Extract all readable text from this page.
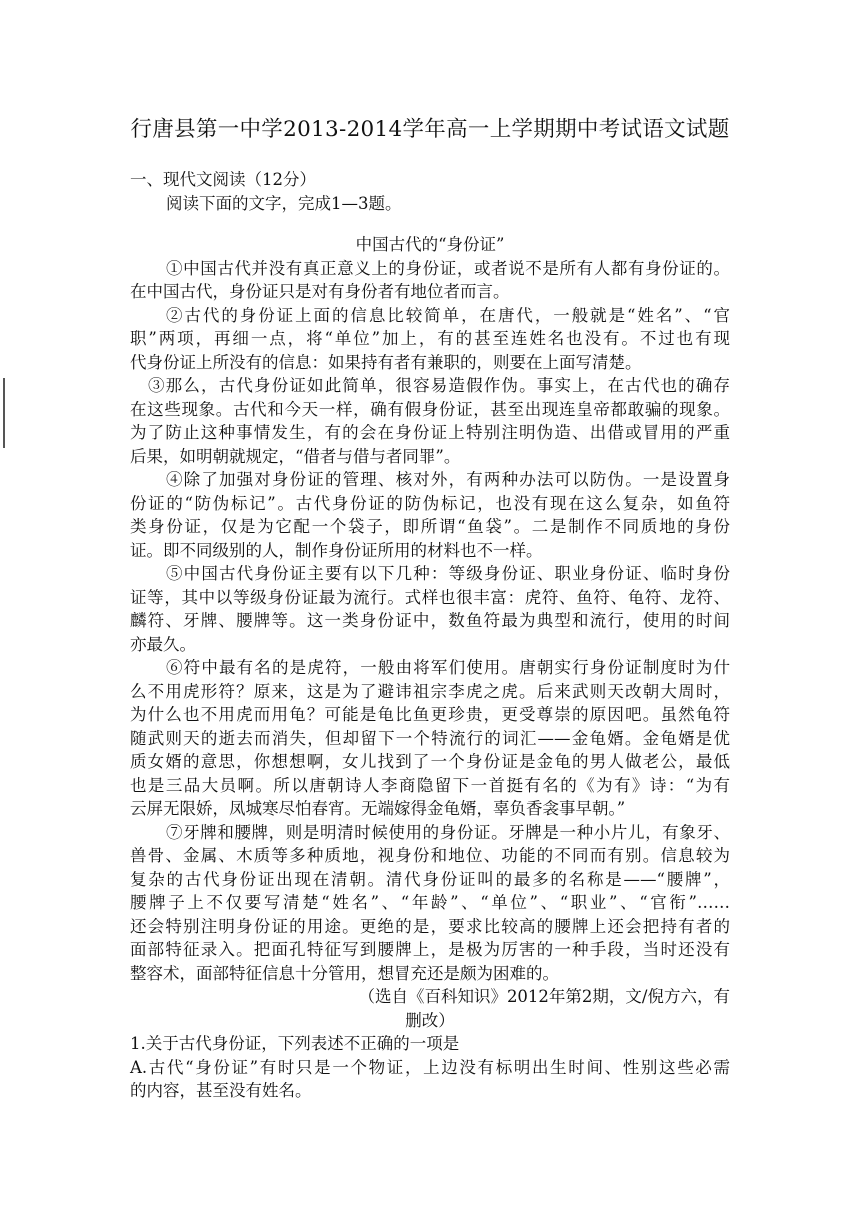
行唐县第一中学2013-2014学年高一上学期期中考试语文试题
一、现代文阅读（12分）
阅读下面的文字，完成1—3题。
中国古代的“身份证”
①中国古代并没有真正意义上的身份证，或者说不是所有人都有身份证的。
在中国古代，身份证只是对有身份者有地位者而言。
②古代的身份证上面的信息比较简单，在唐代，一般就是“姓名”、“官
职”两项，再细一点，将“单位”加上，有的甚至连姓名也没有。不过也有现
代身份证上所没有的信息：如果持有者有兼职的，则要在上面写清楚。
③那么，古代身份证如此简单，很容易造假作伪。事实上，在古代也的确存
在这些现象。古代和今天一样，确有假身份证，甚至出现连皇帝都敢骗的现象。
为了防止这种事情发生，有的会在身份证上特别注明伪造、出借或冒用的严重
后果，如明朝就规定，“借者与借与者同罪”。
④除了加强对身份证的管理、核对外，有两种办法可以防伪。一是设置身
份证的“防伪标记”。古代身份证的防伪标记，也没有现在这么复杂，如鱼符
类身份证，仅是为它配一个袋子，即所谓“鱼袋”。二是制作不同质地的身份
证。即不同级别的人，制作身份证所用的材料也不一样。
⑤中国古代身份证主要有以下几种：等级身份证、职业身份证、临时身份
证等，其中以等级身份证最为流行。式样也很丰富：虎符、鱼符、龟符、龙符、
麟符、牙牌、腰牌等。这一类身份证中，数鱼符最为典型和流行，使用的时间
亦最久。
⑥符中最有名的是虎符，一般由将军们使用。唐朝实行身份证制度时为什
么不用虎形符？原来，这是为了避讳祖宗李虎之虎。后来武则天改朝大周时，
为什么也不用虎而用龟？可能是龟比鱼更珍贵，更受尊崇的原因吧。虽然龟符
随武则天的逝去而消失，但却留下一个特流行的词汇——金龟婿。金龟婿是优
质女婿的意思，你想想啊，女儿找到了一个身份证是金龟的男人做老公，最低
也是三品大员啊。所以唐朝诗人李商隐留下一首挺有名的《为有》诗：“为有
云屏无限娇，凤城寒尽怕春宵。无端嫁得金龟婿，辜负香衾事早朝。”
⑦牙牌和腰牌，则是明清时候使用的身份证。牙牌是一种小片儿，有象牙、
兽骨、金属、木质等多种质地，视身份和地位、功能的不同而有别。信息较为
复杂的古代身份证出现在清朝。清代身份证叫的最多的名称是——“腰牌”，
腰牌子上不仅要写清楚“姓名”、“年龄”、“单位”、“职业”、“官衔”……
还会特别注明身份证的用途。更绝的是，要求比较高的腰牌上还会把持有者的
面部特征录入。把面孔特征写到腰牌上，是极为厉害的一种手段，当时还没有
整容术，面部特征信息十分管用，想冒充还是颇为困难的。
（选自《百科知识》2012年第2期，文/倪方六，有
删改）
1.关于古代身份证，下列表述不正确的一项是
A.古代“身份证”有时只是一个物证，上边没有标明出生时间、性别这些必需
的内容，甚至没有姓名。
